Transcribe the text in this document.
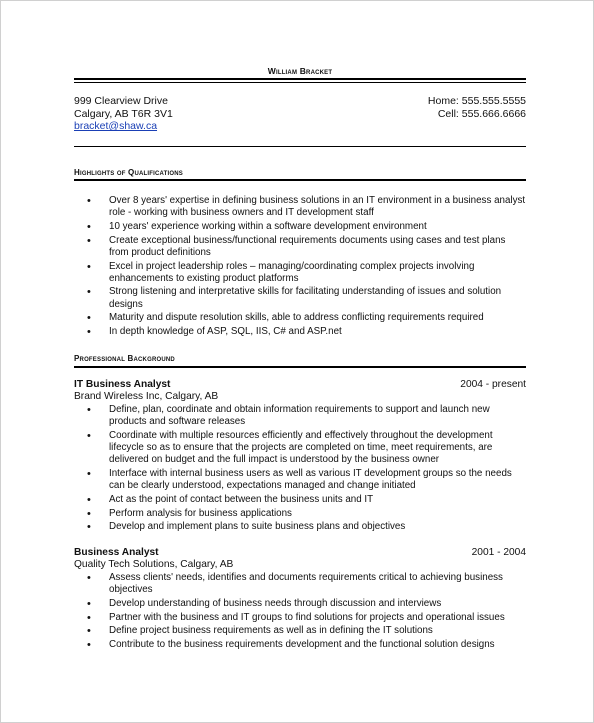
William Bracket
999 Clearview Drive
Calgary, AB T6R 3V1
bracket@shaw.ca
Home: 555.555.5555
Cell: 555.666.6666
Highlights of Qualifications
• Over 8 years' expertise in defining business solutions in an IT environment in a business analyst role - working with business owners and IT development staff
• 10 years' experience working within a software development environment
• Create exceptional business/functional requirements documents using cases and test plans from product definitions
• Excel in project leadership roles – managing/coordinating complex projects involving enhancements to existing product platforms
• Strong listening and interpretative skills for facilitating understanding of issues and solution designs
• Maturity and dispute resolution skills, able to address conflicting requirements required
• In depth knowledge of ASP, SQL, IIS, C# and ASP.net
Professional Background
IT Business Analyst	2004 - present
Brand Wireless Inc, Calgary, AB
• Define, plan, coordinate and obtain information requirements to support and launch new products and software releases
• Coordinate with multiple resources efficiently and effectively throughout the development lifecycle so as to ensure that the projects are completed on time, meet requirements, are delivered on budget and the full impact is understood by the business owner
• Interface with internal business users as well as various IT development groups so the needs can be clearly understood, expectations managed and change initiated
• Act as the point of contact between the business units and IT
• Perform analysis for business applications
• Develop and implement plans to suite business plans and objectives
Business Analyst	2001 - 2004
Quality Tech Solutions, Calgary, AB
• Assess clients' needs, identifies and documents requirements critical to achieving business objectives
• Develop understanding of business needs through discussion and interviews
• Partner with the business and IT groups to find solutions for projects and operational issues
• Define project business requirements as well as in defining the IT solutions
• Contribute to the business requirements development and the functional solution designs
